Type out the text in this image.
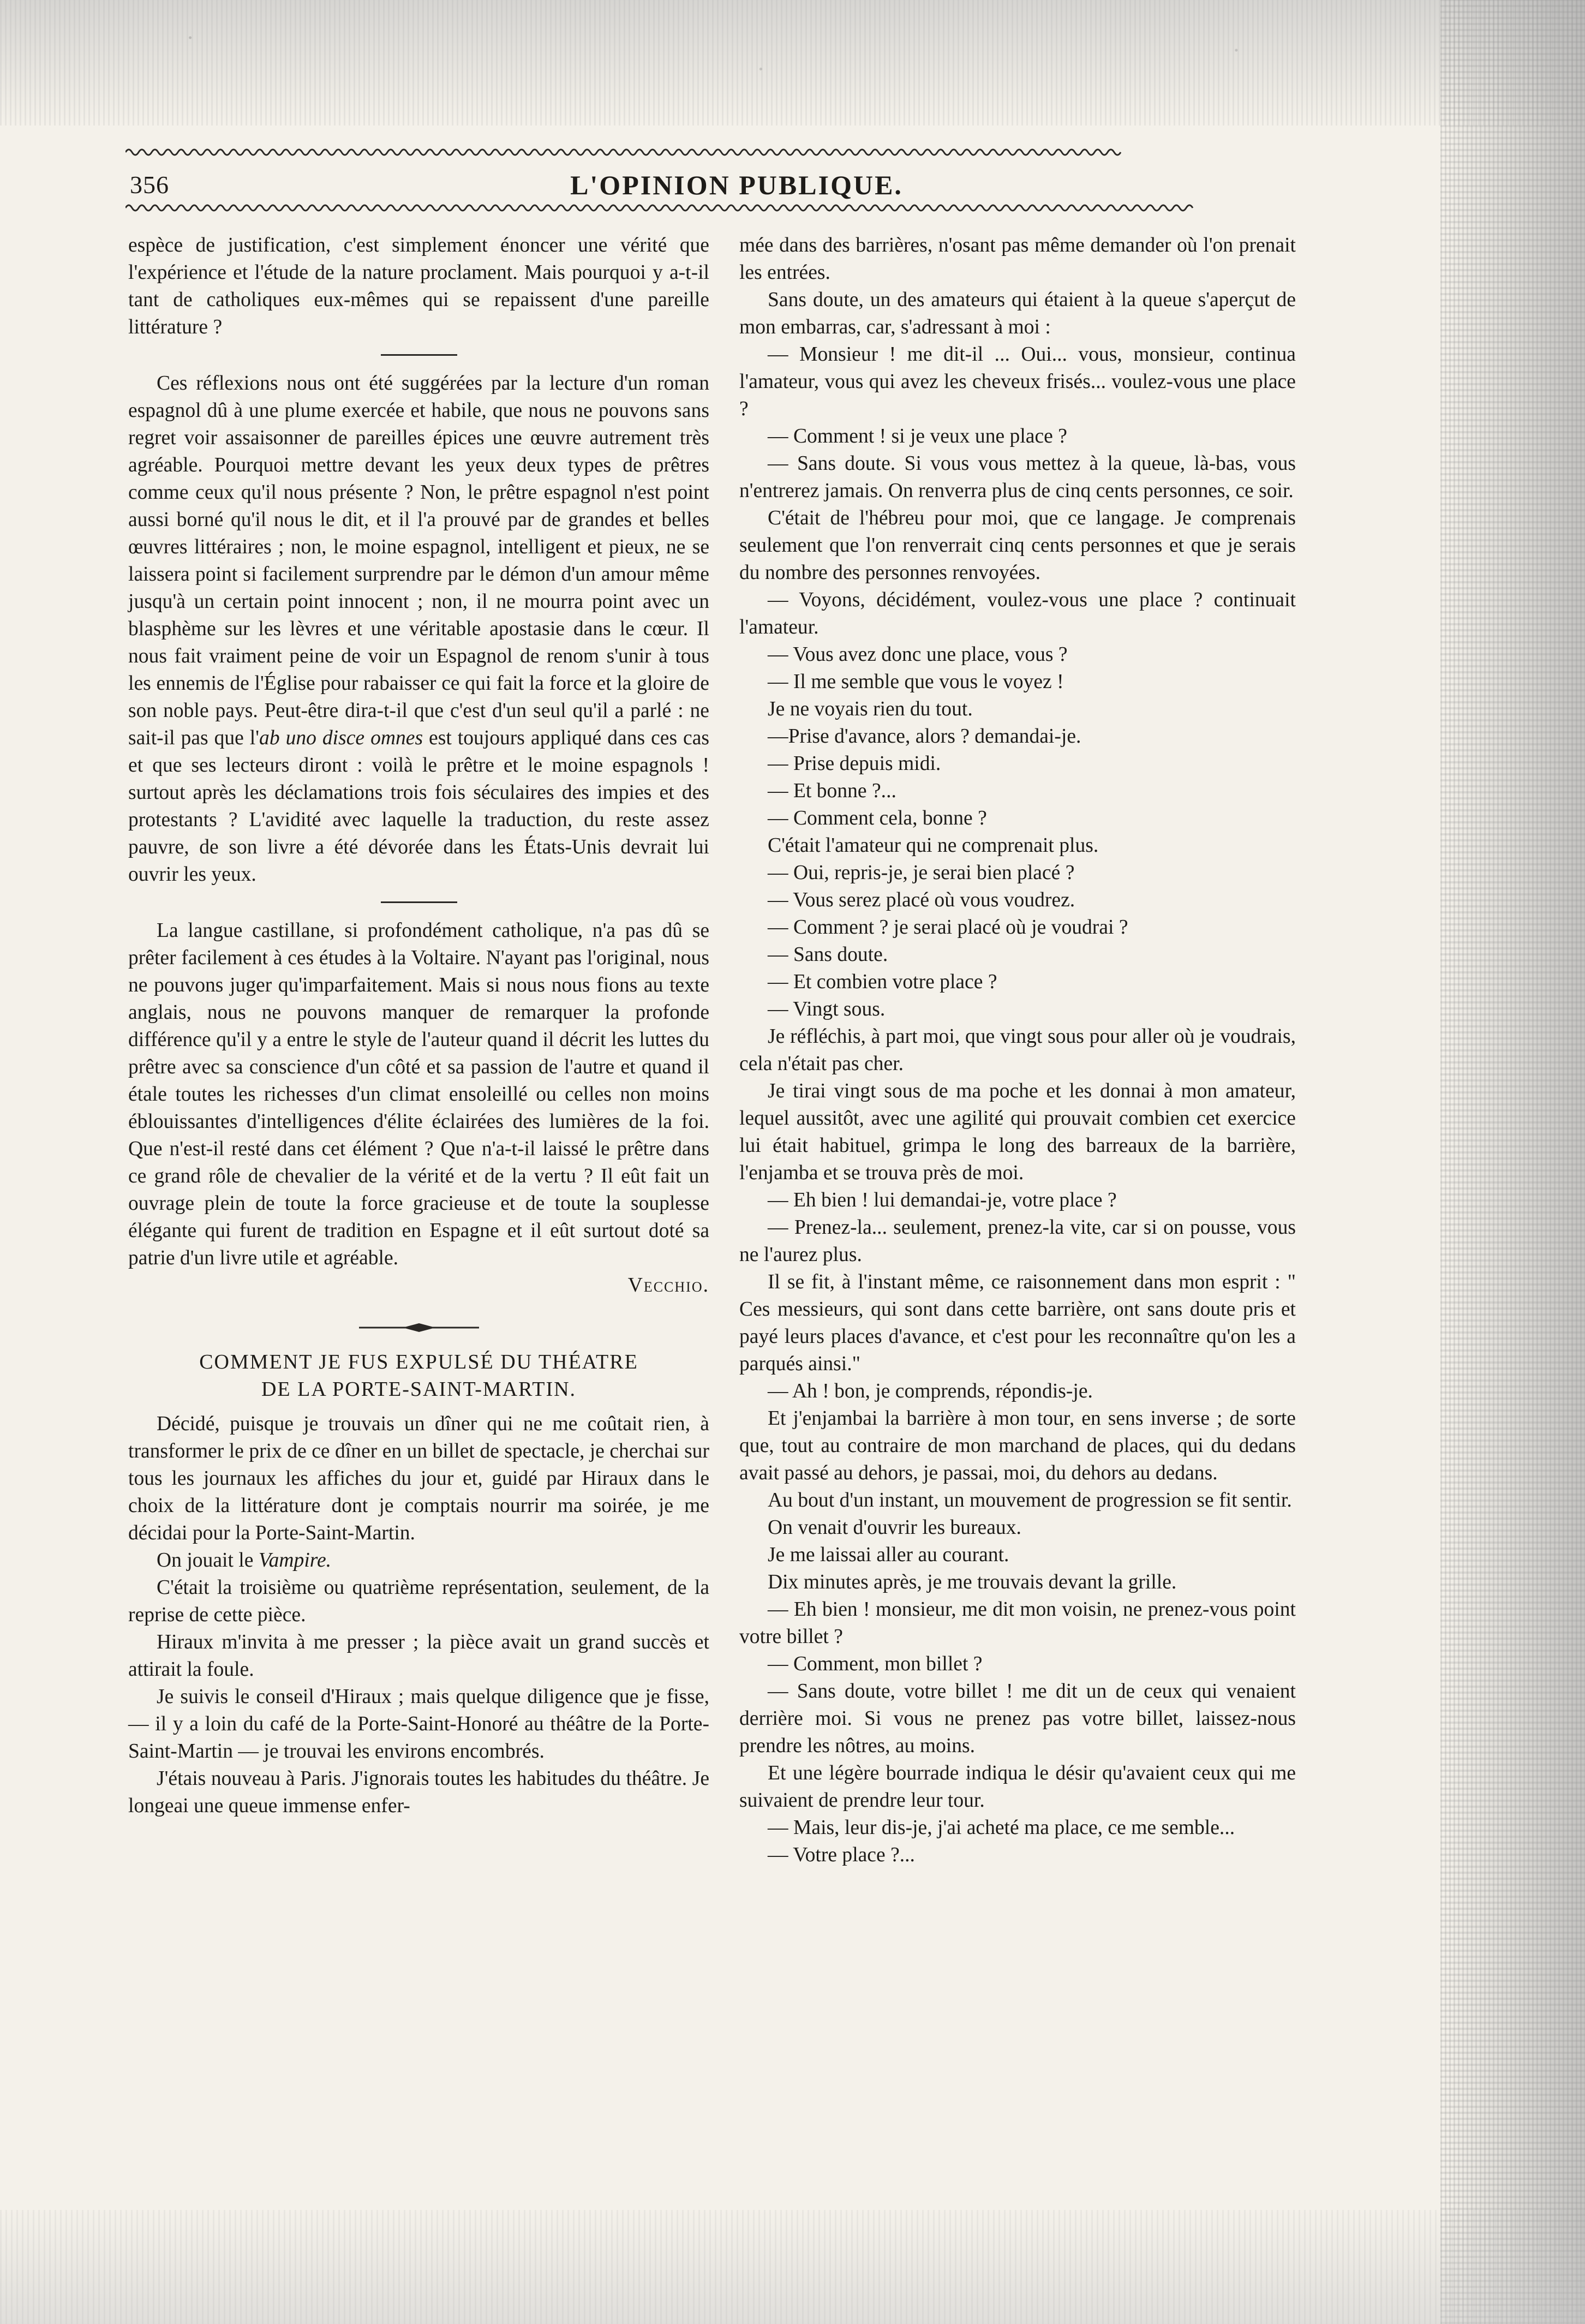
356	L'OPINION PUBLIQUE.

espèce de justification, c'est simplement énoncer une vérité que l'expérience et l'étude de la nature proclament. Mais pourquoi y a-t-il tant de catholiques eux-mêmes qui se repaissent d'une pareille littérature ?

Ces réflexions nous ont été suggérées par la lecture d'un roman espagnol dû à une plume exercée et habile, que nous ne pouvons sans regret voir assaisonner de pareilles épices une œuvre autrement très agréable. Pourquoi mettre devant les yeux deux types de prêtres comme ceux qu'il nous présente ? Non, le prêtre espagnol n'est point aussi borné qu'il nous le dit, et il l'a prouvé par de grandes et belles œuvres littéraires ; non, le moine espagnol, intelligent et pieux, ne se laissera point si facilement surprendre par le démon d'un amour même jusqu'à un certain point innocent ; non, il ne mourra point avec un blasphème sur les lèvres et une véritable apostasie dans le cœur. Il nous fait vraiment peine de voir un Espagnol de renom s'unir à tous les ennemis de l'Église pour rabaisser ce qui fait la force et la gloire de son noble pays. Peut-être dira-t-il que c'est d'un seul qu'il a parlé : ne sait-il pas que l'ab uno disce omnes est toujours appliqué dans ces cas et que ses lecteurs diront : voilà le prêtre et le moine espagnols ! surtout après les déclamations trois fois séculaires des impies et des protestants ? L'avidité avec laquelle la traduction, du reste assez pauvre, de son livre a été dévorée dans les États-Unis devrait lui ouvrir les yeux.

La langue castillane, si profondément catholique, n'a pas dû se prêter facilement à ces études à la Voltaire. N'ayant pas l'original, nous ne pouvons juger qu'imparfaitement. Mais si nous nous fions au texte anglais, nous ne pouvons manquer de remarquer la profonde différence qu'il y a entre le style de l'auteur quand il décrit les luttes du prêtre avec sa conscience d'un côté et sa passion de l'autre et quand il étale toutes les richesses d'un climat ensoleillé ou celles non moins éblouissantes d'intelligences d'élite éclairées des lumières de la foi. Que n'est-il resté dans cet élément ? Que n'a-t-il laissé le prêtre dans ce grand rôle de chevalier de la vérité et de la vertu ? Il eût fait un ouvrage plein de toute la force gracieuse et de toute la souplesse élégante qui furent de tradition en Espagne et il eût surtout doté sa patrie d'un livre utile et agréable.

Vecchio.

COMMENT JE FUS EXPULSÉ DU THÉATRE
DE LA PORTE-SAINT-MARTIN.

Décidé, puisque je trouvais un dîner qui ne me coûtait rien, à transformer le prix de ce dîner en un billet de spectacle, je cherchai sur tous les journaux les affiches du jour et, guidé par Hiraux dans le choix de la littérature dont je comptais nourrir ma soirée, je me décidai pour la Porte-Saint-Martin.

On jouait le Vampire.

C'était la troisième ou quatrième représentation, seulement, de la reprise de cette pièce.

Hiraux m'invita à me presser ; la pièce avait un grand succès et attirait la foule.

Je suivis le conseil d'Hiraux ; mais quelque diligence que je fisse, — il y a loin du café de la Porte-Saint-Honoré au théâtre de la Porte-Saint-Martin — je trouvai les environs encombrés.

J'étais nouveau à Paris. J'ignorais toutes les habitudes du théâtre. Je longeai une queue immense enfer-

mée dans des barrières, n'osant pas même demander où l'on prenait les entrées.

Sans doute, un des amateurs qui étaient à la queue s'aperçut de mon embarras, car, s'adressant à moi :

— Monsieur ! me dit-il ... Oui... vous, monsieur, continua l'amateur, vous qui avez les cheveux frisés... voulez-vous une place ?

— Comment ! si je veux une place ?

— Sans doute. Si vous vous mettez à la queue, là-bas, vous n'entrerez jamais. On renverra plus de cinq cents personnes, ce soir.

C'était de l'hébreu pour moi, que ce langage. Je comprenais seulement que l'on renverrait cinq cents personnes et que je serais du nombre des personnes renvoyées.

— Voyons, décidément, voulez-vous une place ? continuait l'amateur.

— Vous avez donc une place, vous ?

— Il me semble que vous le voyez !

Je ne voyais rien du tout.

—Prise d'avance, alors ? demandai-je.

— Prise depuis midi.

— Et bonne ?...

— Comment cela, bonne ?

C'était l'amateur qui ne comprenait plus.

— Oui, repris-je, je serai bien placé ?

— Vous serez placé où vous voudrez.

— Comment ? je serai placé où je voudrai ?

— Sans doute.

— Et combien votre place ?

— Vingt sous.

Je réfléchis, à part moi, que vingt sous pour aller où je voudrais, cela n'était pas cher.

Je tirai vingt sous de ma poche et les donnai à mon amateur, lequel aussitôt, avec une agilité qui prouvait combien cet exercice lui était habituel, grimpa le long des barreaux de la barrière, l'enjamba et se trouva près de moi.

— Eh bien ! lui demandai-je, votre place ?

— Prenez-la... seulement, prenez-la vite, car si on pousse, vous ne l'aurez plus.

Il se fit, à l'instant même, ce raisonnement dans mon esprit : " Ces messieurs, qui sont dans cette barrière, ont sans doute pris et payé leurs places d'avance, et c'est pour les reconnaître qu'on les a parqués ainsi."

— Ah ! bon, je comprends, répondis-je.

Et j'enjambai la barrière à mon tour, en sens inverse ; de sorte que, tout au contraire de mon marchand de places, qui du dedans avait passé au dehors, je passai, moi, du dehors au dedans.

Au bout d'un instant, un mouvement de progression se fit sentir.

On venait d'ouvrir les bureaux.

Je me laissai aller au courant.

Dix minutes après, je me trouvais devant la grille.

— Eh bien ! monsieur, me dit mon voisin, ne prenez-vous point votre billet ?

— Comment, mon billet ?

— Sans doute, votre billet ! me dit un de ceux qui venaient derrière moi. Si vous ne prenez pas votre billet, laissez-nous prendre les nôtres, au moins.

Et une légère bourrade indiqua le désir qu'avaient ceux qui me suivaient de prendre leur tour.

— Mais, leur dis-je, j'ai acheté ma place, ce me semble...

— Votre place ?...
